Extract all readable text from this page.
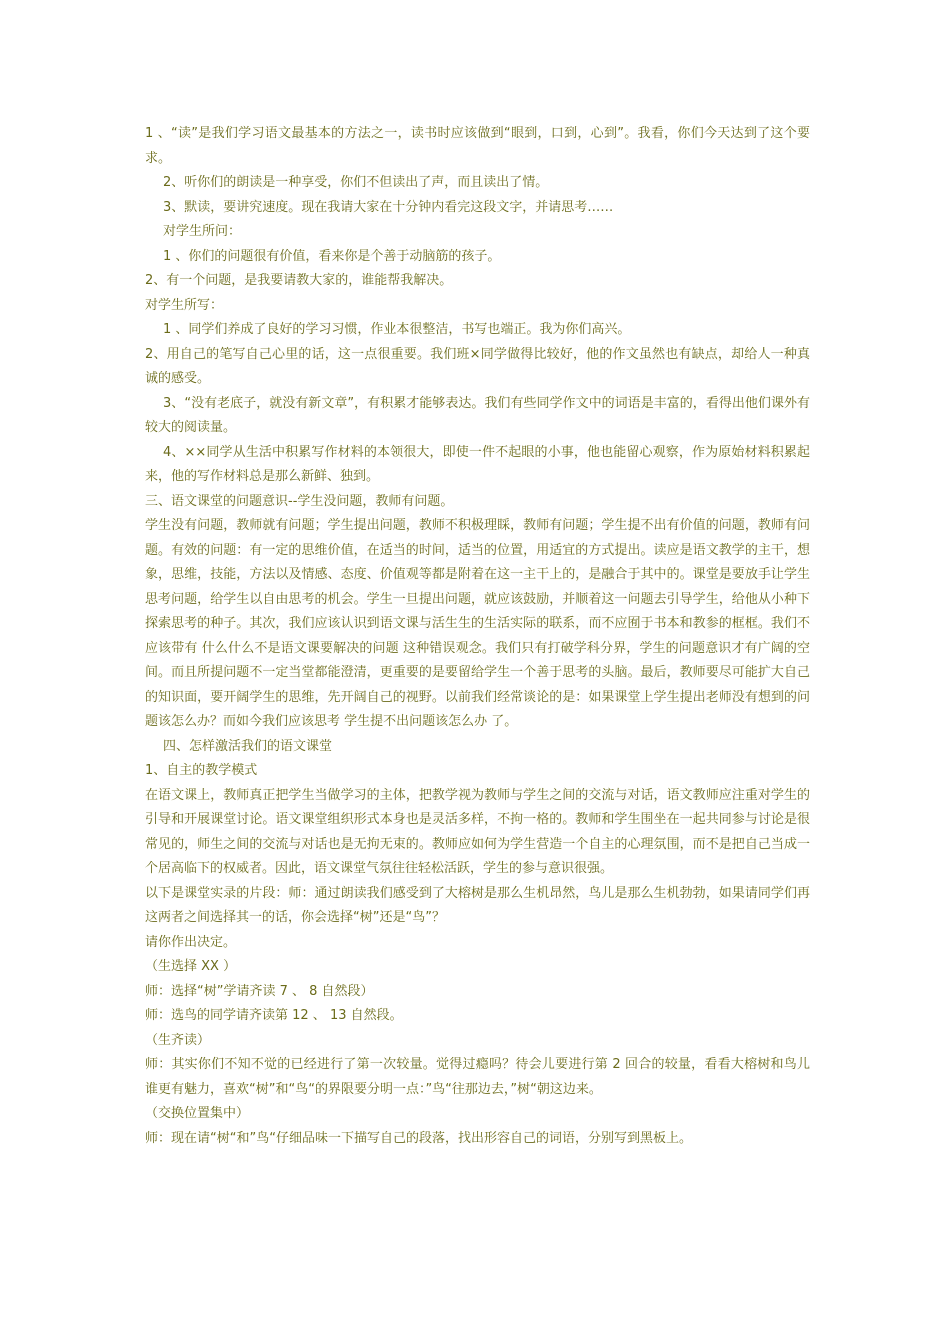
1 、“读”是我们学习语文最基本的方法之一，读书时应该做到“眼到，口到，心到”。我看，你们今天达到了这个要求。

2、听你们的朗读是一种享受，你们不但读出了声，而且读出了情。

3、默读，要讲究速度。现在我请大家在十分钟内看完这段文字，并请思考……

对学生所问：

1 、你们的问题很有价值，看来你是个善于动脑筋的孩子。

2、有一个问题，是我要请教大家的，谁能帮我解决。

对学生所写：

1 、同学们养成了良好的学习习惯，作业本很整洁，书写也端正。我为你们高兴。

2、用自己的笔写自己心里的话，这一点很重要。我们班×同学做得比较好，他的作文虽然也有缺点，却给人一种真诚的感受。

3、“没有老底子，就没有新文章”，有积累才能够表达。我们有些同学作文中的词语是丰富的，看得出他们课外有较大的阅读量。

4、××同学从生活中积累写作材料的本领很大，即使一件不起眼的小事，他也能留心观察，作为原始材料积累起来，他的写作材料总是那么新鲜、独到。

三、语文课堂的问题意识--学生没问题，教师有问题。

学生没有问题，教师就有问题；学生提出问题，教师不积极理睬，教师有问题；学生提不出有价值的问题，教师有问题。有效的问题：有一定的思维价值，在适当的时间，适当的位置，用适宜的方式提出。读应是语文教学的主干，想象，思维，技能，方法以及情感、态度、价值观等都是附着在这一主干上的，是融合于其中的。课堂是要放手让学生思考问题，给学生以自由思考的机会。学生一旦提出问题，就应该鼓励，并顺着这一问题去引导学生，给他从小种下探索思考的种子。其次，我们应该认识到语文课与活生生的生活实际的联系，而不应囿于书本和教参的框框。我们不应该带有 什么什么不是语文课要解决的问题 这种错误观念。我们只有打破学科分界，学生的问题意识才有广阔的空间。而且所提问题不一定当堂都能澄清，更重要的是要留给学生一个善于思考的头脑。最后，教师要尽可能扩大自己的知识面，要开阔学生的思维，先开阔自己的视野。以前我们经常谈论的是：如果课堂上学生提出老师没有想到的问题该怎么办？而如今我们应该思考 学生提不出问题该怎么办 了。

四、怎样激活我们的语文课堂

1、自主的教学模式

在语文课上，教师真正把学生当做学习的主体，把教学视为教师与学生之间的交流与对话，语文教师应注重对学生的引导和开展课堂讨论。语文课堂组织形式本身也是灵活多样，不拘一格的。教师和学生围坐在一起共同参与讨论是很常见的，师生之间的交流与对话也是无拘无束的。教师应如何为学生营造一个自主的心理氛围，而不是把自己当成一个居高临下的权威者。因此，语文课堂气氛往往轻松活跃，学生的参与意识很强。

以下是课堂实录的片段：师：通过朗读我们感受到了大榕树是那么生机昂然，鸟儿是那么生机勃勃，如果请同学们再这两者之间选择其一的话，你会选择“树”还是“鸟”？

请你作出决定。

（生选择 XX ）

师：选择“树”学请齐读 7 、 8 自然段）

师：选鸟的同学请齐读第 12 、 13 自然段。

（生齐读）

师：其实你们不知不觉的已经进行了第一次较量。觉得过瘾吗？待会儿要进行第 2 回合的较量，看看大榕树和鸟儿谁更有魅力，喜欢“树”和“鸟“的界限要分明一点：”鸟“往那边去，”树“朝这边来。

（交换位置集中）

师：现在请“树“和”鸟“仔细品味一下描写自己的段落，找出形容自己的词语，分别写到黑板上。
